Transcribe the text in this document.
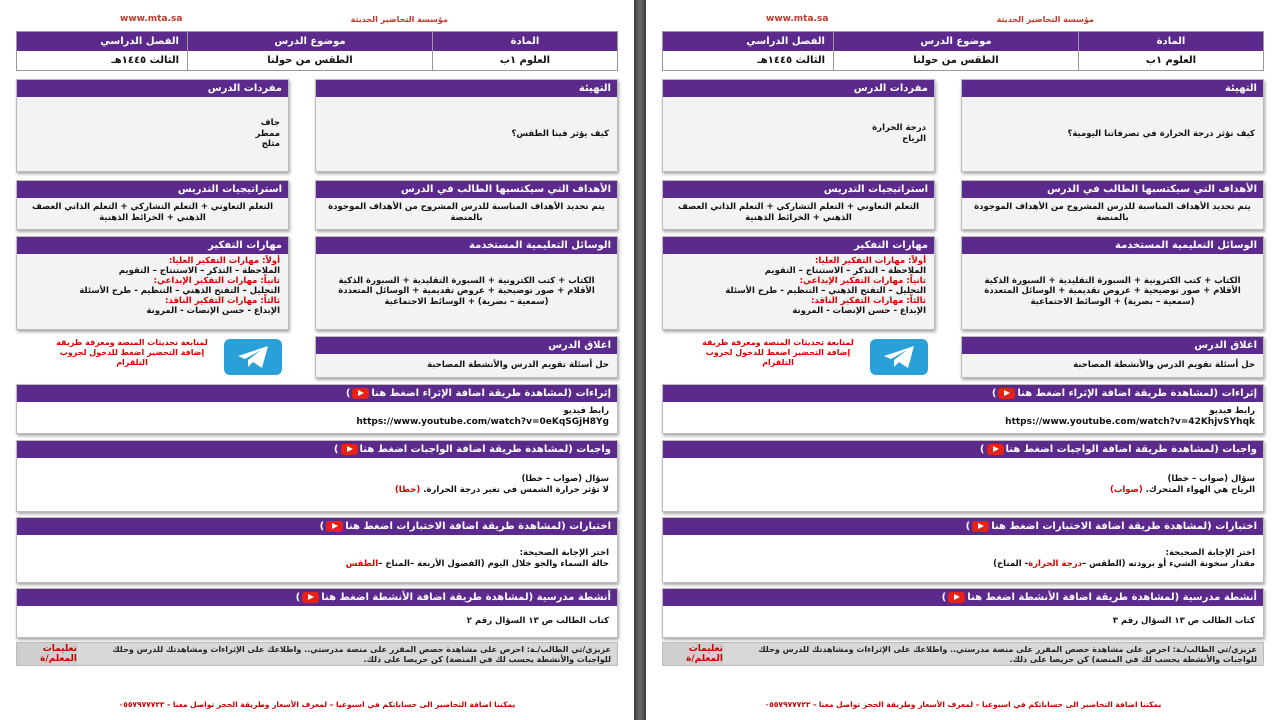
مؤسسة التحاضير الحديثة
www.mta.sa
المادة
العلوم ١ب
موضوع الدرس
الطقس من حولنا
الفصل الدراسي
الثالث ١٤٤٥هـ
التهيئة
كيف يؤثر فينا الطقس؟
مفردات الدرس
جاف
ممطر
مثلج
الأهداف التي سيكتسبها الطالب في الدرس
يتم تحديد الأهداف المناسبة للدرس المشروح من الأهداف الموجودة بالمنصة
استراتيجيات التدريس
التعلم التعاوني + التعلم التشاركي + التعلم الذاتي العصف الذهني + الخرائط الذهنية
الوسائل التعليمية المستخدمة
الكتاب + كتب الكترونية + السبورة التقليدية + السبورة الذكية الأقلام + صور توضيحية + عروض تقديمية + الوسائل المتعددة (سمعية – بصرية) + الوسائط الاجتماعية
مهارات التفكير
أولاً: مهارات التفكير العليا:
الملاحظة – التذكر – الاستنتاج – التقويم
ثانياً: مهارات التفكير الإبداعي:
التحليل – التفتح الذهني – التنظيم - طرح الأسئلة
ثالثاً: مهارات التفكير الناقد:
الإبداع - حسن الإنصات - المرونة
اغلاق الدرس
حل أسئلة تقويم الدرس والأنشطة المصاحبة
لمتابعة تحديثات المنصة ومعرفة طريقة إضافة التحضير اضغط للدخول لجروب التلقرام
إثراءات (لمشاهدة طريقة اضافة الإثراء اضغط هنا)
رابط فيديو
https://www.youtube.com/watch?v=0eKqSGjH8Yg
واجبات (لمشاهدة طريقة اضافة الواجبات اضغط هنا)
سؤال (صواب – خطا)
لا تؤثر حرارة الشمس في تغير درجة الحرارة. (خطا)
اختبارات (لمشاهدة طريقة اضافة الاختبارات اضغط هنا)
اختر الإجابة الصحيحة:
حالة السماء والجو خلال اليوم (الفصول الأربعة –المناخ –الطقس
أنشطة مدرسية (لمشاهدة طريقة اضافة الأنشطة اضغط هنا)
كتاب الطالب ص ١٣ السؤال رقم ٢
عزيزي/تي الطالب/ـة: احرص على مشاهدة حصص المقرر على منصة مدرستي.. واطلاعك على الإثراءات ومشاهدتك للدرس وحلك للواجبات والأنشطة يحسب لك في المنصة) كن حريصا على ذلك.
تعليمات المعلم/ة
يمكننا اضافة التحاضير الى حساباتكم في اسبوعيا – لمعرف الأسعار وطريقة الحجز تواصل معنا - ٠٥٥٧٩٧٧٧٢٢
مؤسسة التحاضير الحديثة
www.mta.sa
المادة
العلوم ١ب
موضوع الدرس
الطقس من حولنا
الفصل الدراسي
الثالث ١٤٤٥هـ
التهيئة
كيف تؤثر درجة الحرارة في تصرفاتنا اليومية؟
مفردات الدرس
درجة الحرارة
الرياح
الأهداف التي سيكتسبها الطالب في الدرس
يتم تحديد الأهداف المناسبة للدرس المشروح من الأهداف الموجودة بالمنصة
استراتيجيات التدريس
التعلم التعاوني + التعلم التشاركي + التعلم الذاتي العصف الذهني + الخرائط الذهنية
الوسائل التعليمية المستخدمة
الكتاب + كتب الكترونية + السبورة التقليدية + السبورة الذكية الأقلام + صور توضيحية + عروض تقديمية + الوسائل المتعددة (سمعية – بصرية) + الوسائط الاجتماعية
مهارات التفكير
أولاً: مهارات التفكير العليا:
الملاحظة – التذكر – الاستنتاج – التقويم
ثانياً: مهارات التفكير الإبداعي:
التحليل – التفتح الذهني – التنظيم - طرح الأسئلة
ثالثاً: مهارات التفكير الناقد:
الإبداع - حسن الإنصات - المرونة
اغلاق الدرس
حل أسئلة تقويم الدرس والأنشطة المصاحبة
لمتابعة تحديثات المنصة ومعرفة طريقة إضافة التحضير اضغط للدخول لجروب التلقرام
إثراءات (لمشاهدة طريقة اضافة الإثراء اضغط هنا)
رابط فيديو
https://www.youtube.com/watch?v=42KhjvSYhqk
واجبات (لمشاهدة طريقة اضافة الواجبات اضغط هنا)
سؤال (صواب – خطا)
الرياح هي الهواء المتحرك. (صواب)
اختبارات (لمشاهدة طريقة اضافة الاختبارات اضغط هنا)
اختر الإجابة الصحيحة:
مقدار سخونة الشيء أو برودته (الطقس –درجة الحرارة- المناخ)
أنشطة مدرسية (لمشاهدة طريقة اضافة الأنشطة اضغط هنا)
كتاب الطالب ص ١٣ السؤال رقم ٣
عزيزي/تي الطالب/ـة: احرص على مشاهدة حصص المقرر على منصة مدرستي.. واطلاعك على الإثراءات ومشاهدتك للدرس وحلك للواجبات والأنشطة يحسب لك في المنصة) كن حريصا على ذلك.
تعليمات المعلم/ة
يمكننا اضافة التحاضير الى حساباتكم في اسبوعيا – لمعرف الأسعار وطريقة الحجز تواصل معنا - ٠٥٥٧٩٧٧٧٢٢
